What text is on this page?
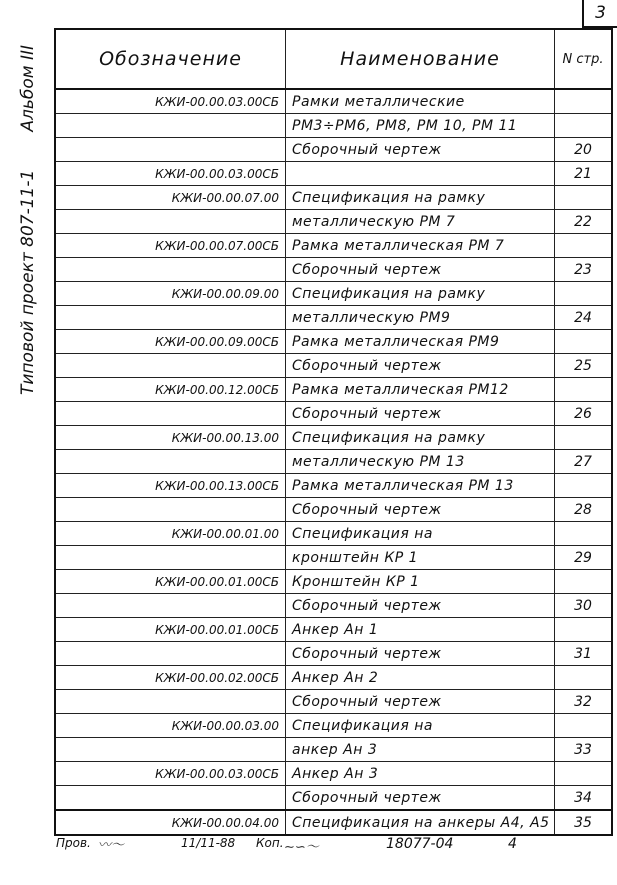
3
Типовой проект 807-11-1
Альбом III	Обозначение	Наименование	N стр.
КЖИ-00.00.03.00СБ	Рамки металлические	
	РМ3÷РМ6, РМ8, РМ 10, РМ 11	
	Сборочный чертеж	20
КЖИ-00.00.03.00СБ		21
КЖИ-00.00.07.00	Спецификация на рамку	
	металлическую РМ 7	22
КЖИ-00.00.07.00СБ	Рамка металлическая РМ 7	
	Сборочный чертеж	23
КЖИ-00.00.09.00	Спецификация на рамку	
	металлическую РМ9	24
КЖИ-00.00.09.00СБ	Рамка металлическая РМ9	
	Сборочный чертеж	25
КЖИ-00.00.12.00СБ	Рамка металлическая РМ12	
	Сборочный чертеж	26
КЖИ-00.00.13.00	Спецификация на рамку	
	металлическую РМ 13	27
КЖИ-00.00.13.00СБ	Рамка металлическая РМ 13	
	Сборочный чертеж	28
КЖИ-00.00.01.00	Спецификация на	
	кронштейн КР 1	29
КЖИ-00.00.01.00СБ	Кронштейн КР 1	
	Сборочный чертеж	30
КЖИ-00.00.01.00СБ	Анкер Ан 1	
	Сборочный чертеж	31
КЖИ-00.00.02.00СБ	Анкер Ан 2	
	Сборочный чертеж	32
КЖИ-00.00.03.00	Спецификация на	
	анкер Ан 3	33
КЖИ-00.00.03.00СБ	Анкер Ан 3	
	Сборочный чертеж	34
КЖИ-00.00.04.00	Спецификация на анкеры А4, А5	35
Пров. 〰〜	11/11-88 Коп. ∼∽〜	18077-04	4
